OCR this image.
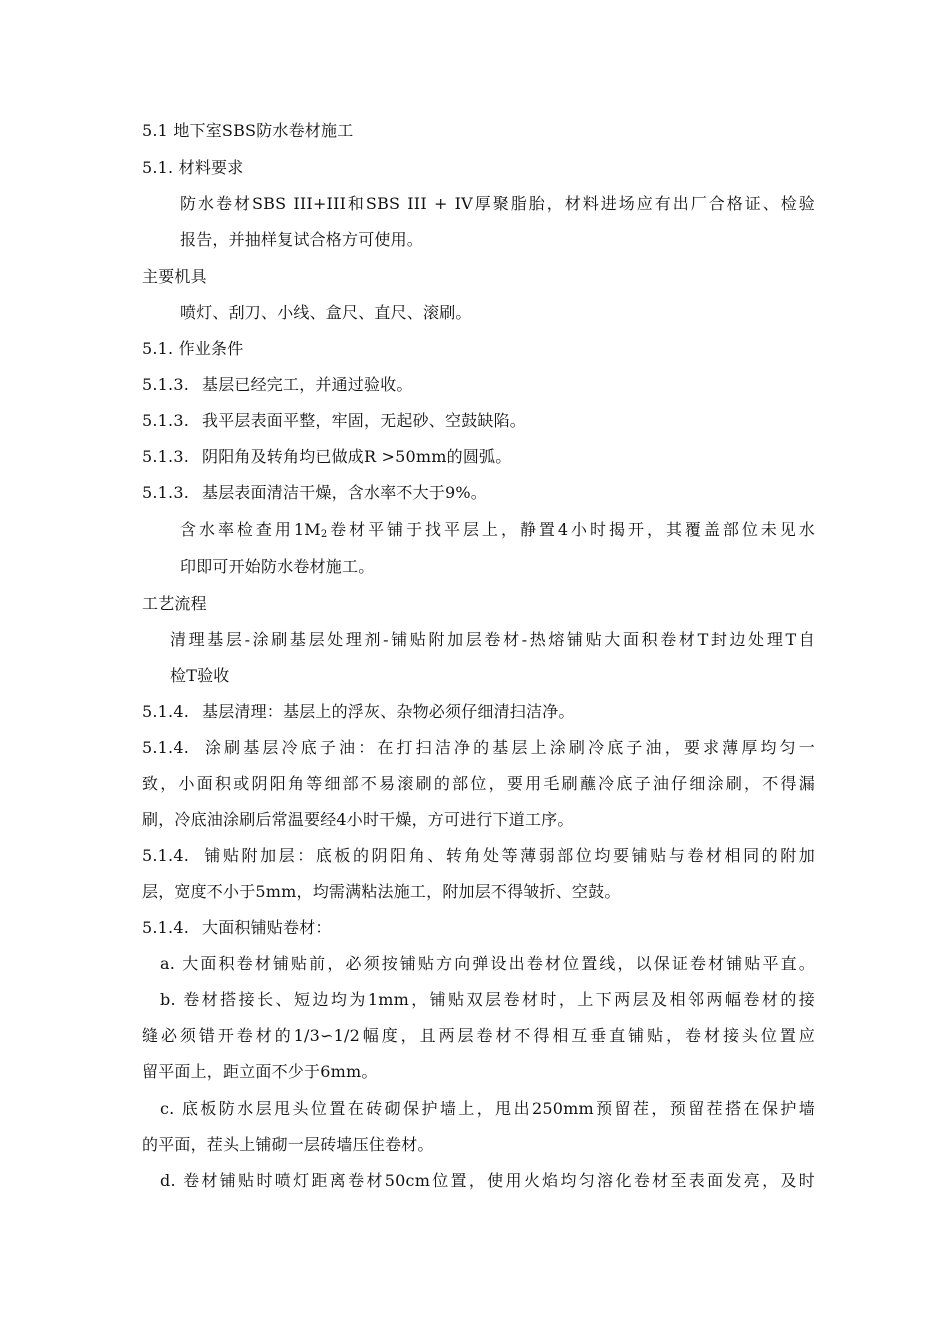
5.1 地下室SBS防水卷材施工

5.1. 材料要求

防水卷材SBS III+III和SBS III + IV厚聚脂胎，材料进场应有出厂合格证、检验

报告，并抽样复试合格方可使用。

主要机具

喷灯、刮刀、小线、盒尺、直尺、滚刷。

5.1. 作业条件

5.1.3. 基层已经完工，并通过验收。

5.1.3. 我平层表面平整，牢固，无起砂、空鼓缺陷。

5.1.3. 阴阳角及转角均已做成R >50mm的圆弧。

5.1.3. 基层表面清洁干燥，含水率不大于9%。

含水率检查用$1M_2$卷材平铺于找平层上，静置4小时揭开，其覆盖部位未见水

印即可开始防水卷材施工。

工艺流程

清理基层-涂刷基层处理剂-铺贴附加层卷材-热熔铺贴大面积卷材T封边处理T自

检T验收

5.1.4. 基层清理：基层上的浮灰、杂物必须仔细清扫洁净。

5.1.4. 涂刷基层冷底子油：在打扫洁净的基层上涂刷冷底子油，要求薄厚均匀一

致，小面积或阴阳角等细部不易滚刷的部位，要用毛刷蘸冷底子油仔细涂刷，不得漏

刷，冷底油涂刷后常温要经4小时干燥，方可进行下道工序。

5.1.4. 铺贴附加层：底板的阴阳角、转角处等薄弱部位均要铺贴与卷材相同的附加

层，宽度不小于5mm，均需满粘法施工，附加层不得皱折、空鼓。

5.1.4. 大面积铺贴卷材：

a. 大面积卷材铺贴前，必须按铺贴方向弹设出卷材位置线，以保证卷材铺贴平直。

b. 卷材搭接长、短边均为1mm，铺贴双层卷材时，上下两层及相邻两幅卷材的接

缝必须错开卷材的1/3∽1/2幅度，且两层卷材不得相互垂直铺贴，卷材接头位置应

留平面上，距立面不少于6mm。

c. 底板防水层甩头位置在砖砌保护墙上，甩出250mm预留茬，预留茬搭在保护墙

的平面，茬头上铺砌一层砖墙压住卷材。

d. 卷材铺贴时喷灯距离卷材50cm位置，使用火焰均匀溶化卷材至表面发亮，及时
